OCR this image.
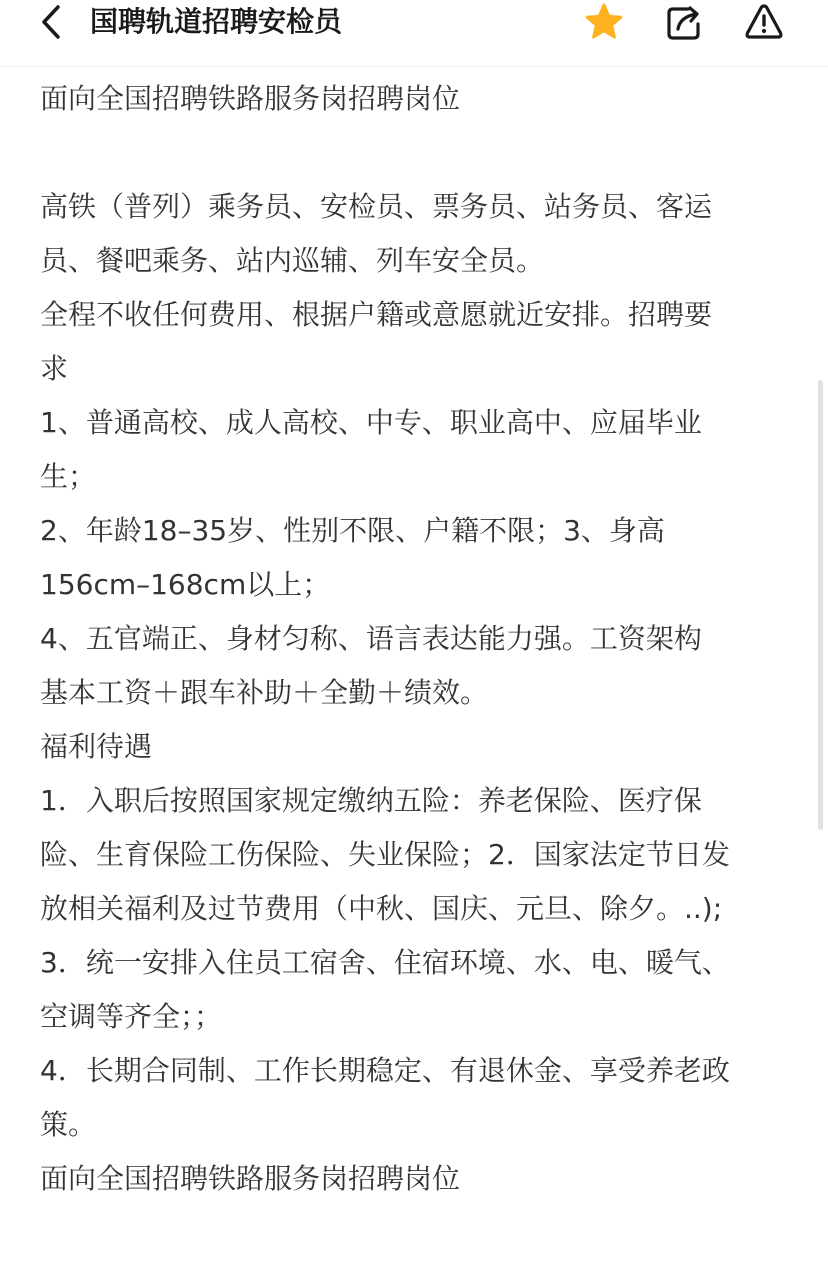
国聘轨道招聘安检员
面向全国招聘铁路服务岗招聘岗位
高铁（普列）乘务员、安检员、票务员、站务员、客运
员、餐吧乘务、站内巡辅、列车安全员。
全程不收任何费用、根据户籍或意愿就近安排。招聘要
求
1、普通高校、成人高校、中专、职业高中、应届毕业
生；
2、年龄18–35岁、性别不限、户籍不限；3、身高
156cm–168cm以上；
4、五官端正、身材匀称、语言表达能力强。工资架构
基本工资＋跟车补助＋全勤＋绩效。
福利待遇
1．入职后按照国家规定缴纳五险：养老保险、医疗保
险、生育保险工伤保险、失业保险；2．国家法定节日发
放相关福利及过节费用（中秋、国庆、元旦、除夕。..);
3．统一安排入住员工宿舍、住宿环境、水、电、暖气、
空调等齐全；；
4．长期合同制、工作长期稳定、有退休金、享受养老政
策。
面向全国招聘铁路服务岗招聘岗位
